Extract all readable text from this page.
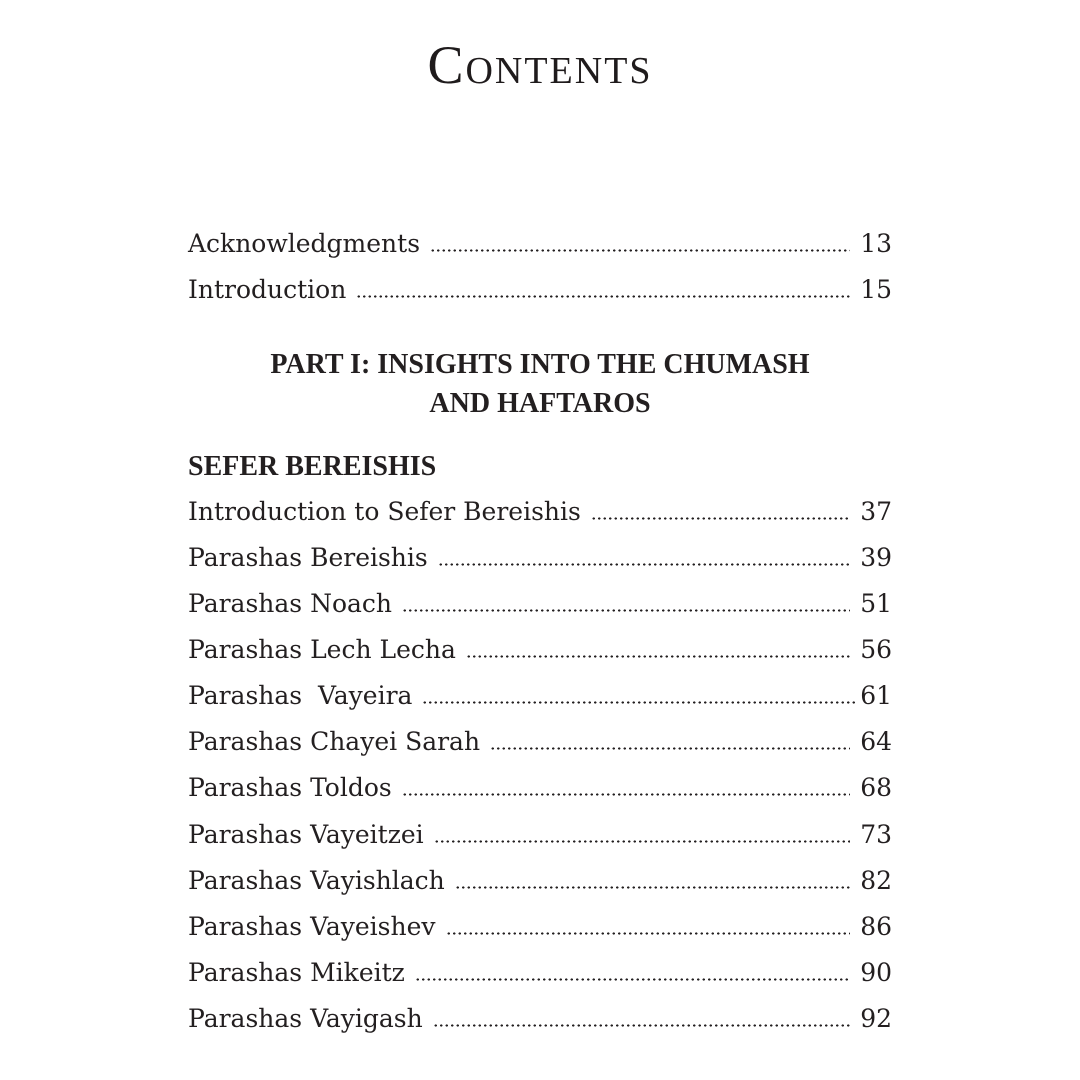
Contents
Acknowledgments	13
Introduction	15
PART I: INSIGHTS INTO THE CHUMASH
AND HAFTAROS
SEFER BEREISHIS
Introduction to Sefer Bereishis	37
Parashas Bereishis	39
Parashas Noach	51
Parashas Lech Lecha	56
Parashas  Vayeira	61
Parashas Chayei Sarah	64
Parashas Toldos	68
Parashas Vayeitzei	73
Parashas Vayishlach	82
Parashas Vayeishev	86
Parashas Mikeitz	90
Parashas Vayigash	92
